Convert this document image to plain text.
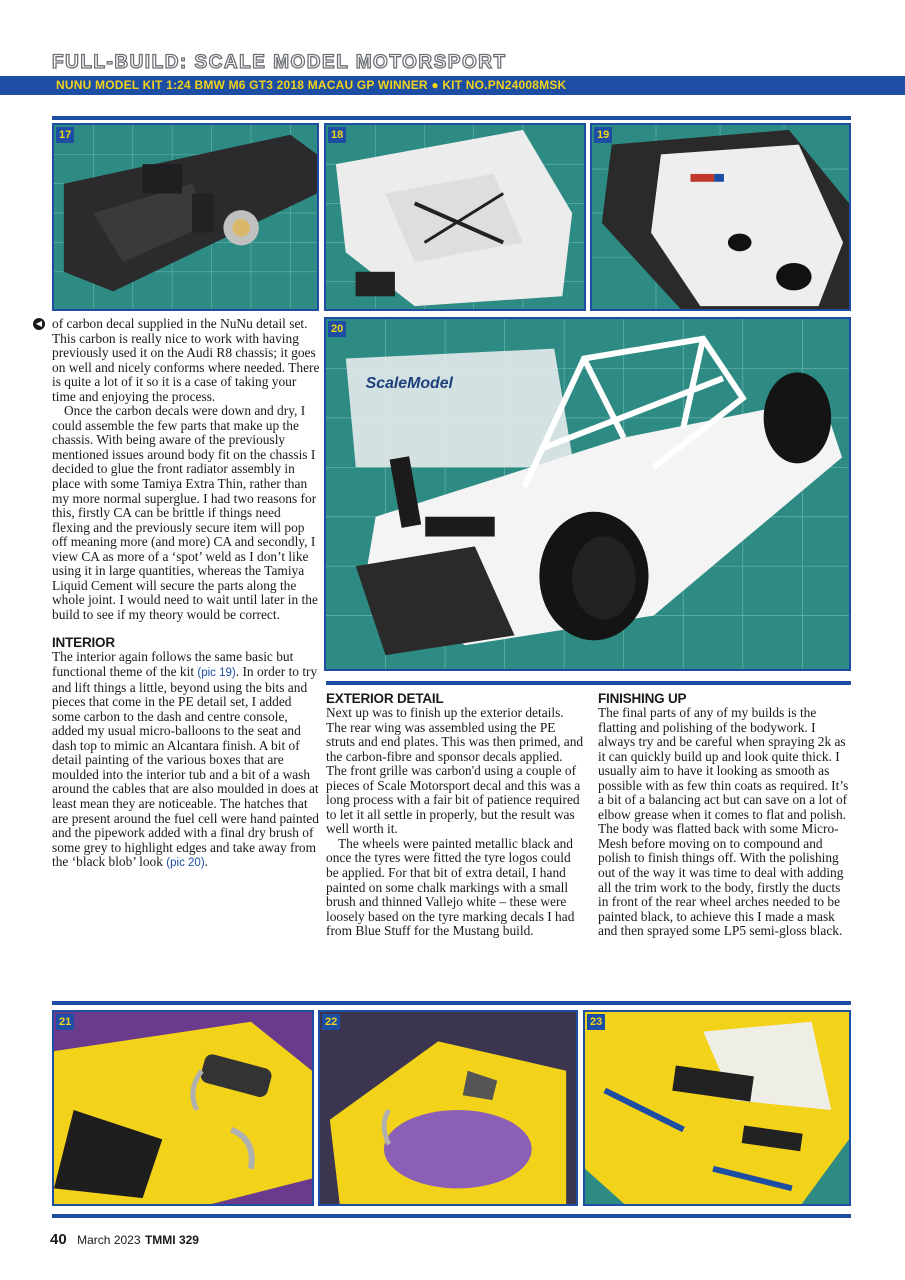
FULL-BUILD: SCALE MODEL MOTORSPORT
NUNU MODEL KIT 1:24 BMW M6 GT3 2018 MACAU GP WINNER ● KIT NO.PN24008MSK
17	18	19
ScaleModel
20
◀ of carbon decal supplied in the NuNu detail set. This carbon is really nice to work with having previously used it on the Audi R8 chassis; it goes on well and nicely conforms where needed. There is quite a lot of it so it is a case of taking your time and enjoying the process.

Once the carbon decals were down and dry, I could assemble the few parts that make up the chassis. With being aware of the previously mentioned issues around body fit on the chassis I decided to glue the front radiator assembly in place with some Tamiya Extra Thin, rather than my more normal superglue. I had two reasons for this, firstly CA can be brittle if things need flexing and the previously secure item will pop off meaning more (and more) CA and secondly, I view CA as more of a ‘spot’ weld as I don’t like using it in large quantities, whereas the Tamiya Liquid Cement will secure the parts along the whole joint. I would need to wait until later in the build to see if my theory would be correct.

INTERIOR

The interior again follows the same basic but functional theme of the kit (pic 19). In order to try and lift things a little, beyond using the bits and pieces that come in the PE detail set, I added some carbon to the dash and centre console, added my usual micro-balloons to the seat and dash top to mimic an Alcantara finish. A bit of detail painting of the various boxes that are moulded into the interior tub and a bit of a wash around the cables that are also moulded in does at least mean they are noticeable. The hatches that are present around the fuel cell were hand painted and the pipework added with a final dry brush of some grey to highlight edges and take away from the ‘black blob’ look (pic 20).

EXTERIOR DETAIL

Next up was to finish up the exterior details. The rear wing was assembled using the PE struts and end plates. This was then primed, and the carbon-fibre and sponsor decals applied. The front grille was carbon'd using a couple of pieces of Scale Motorsport decal and this was a long process with a fair bit of patience required to let it all settle in properly, but the result was well worth it.

The wheels were painted metallic black and once the tyres were fitted the tyre logos could be applied. For that bit of extra detail, I hand painted on some chalk markings with a small brush and thinned Vallejo white – these were loosely based on the tyre marking decals I had from Blue Stuff for the Mustang build.

FINISHING UP

The final parts of any of my builds is the flatting and polishing of the bodywork. I always try and be careful when spraying 2k as it can quickly build up and look quite thick. I usually aim to have it looking as smooth as possible with as few thin coats as required. It’s a bit of a balancing act but can save on a lot of elbow grease when it comes to flat and polish. The body was flatted back with some Micro-Mesh before moving on to compound and polish to finish things off. With the polishing out of the way it was time to deal with adding all the trim work to the body, firstly the ducts in front of the rear wheel arches needed to be painted black, to achieve this I made a mask and then sprayed some LP5 semi-gloss black.

21	22	23
40 March 2023 TMMI 329
